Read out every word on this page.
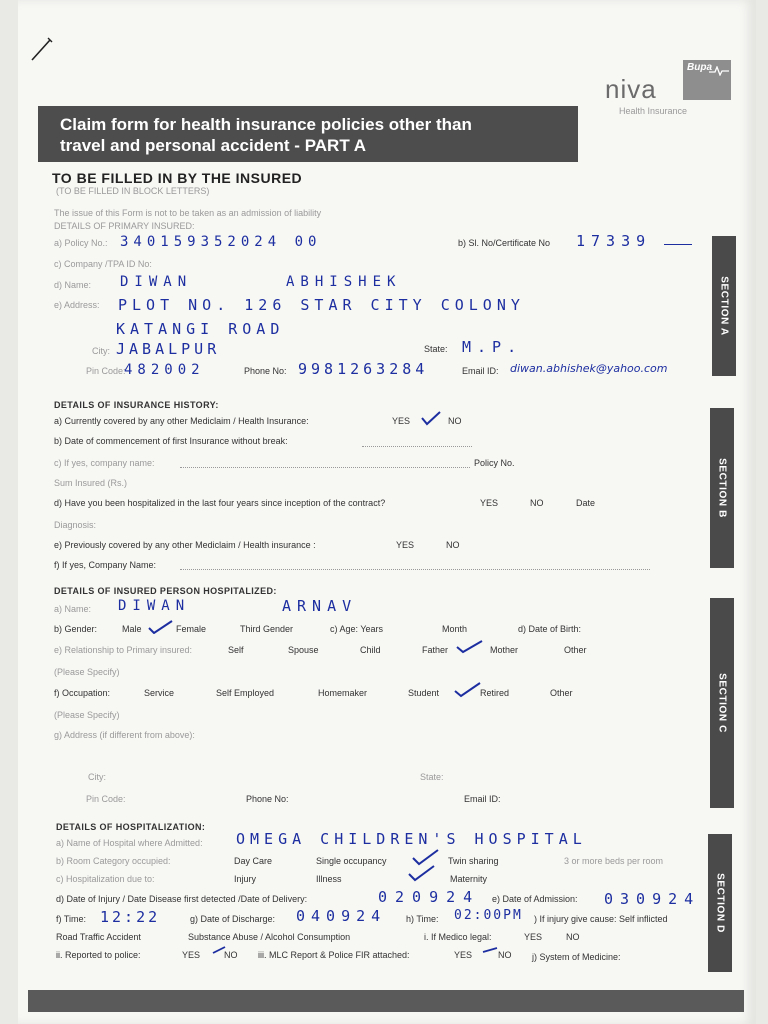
Bupa
niva
Health Insurance
Claim form for health insurance policies other than
travel and personal accident - PART A
TO BE FILLED IN BY THE INSURED
(TO BE FILLED IN BLOCK LETTERS)
The issue of this Form is not to be taken as an admission of liability
SECTION A
DETAILS OF PRIMARY INSURED:
a) Policy No.: 340159352024 00	b) Sl. No/Certificate No 17339
c) Company /TPA ID No:
d) Name: DIWAN	ABHISHEK
e) Address: PLOT NO. 126 STAR CITY COLONY
KATANGI ROAD
City: JABALPUR	State: M.P.
Pin Code:
482002	Phone No: 9981263284	Email ID: diwan.abhishek@yahoo.com
SECTION B
DETAILS OF INSURANCE HISTORY:
a) Currently covered by any other Mediclaim / Health Insurance:	YES	NO
b) Date of commencement of first Insurance without break:
c) If yes, company name:	Policy No.
Sum Insured (Rs.)
d) Have you been hospitalized in the last four years since inception of the contract?	YES	NO	Date
Diagnosis:
e) Previously covered by any other Mediclaim / Health insurance :	YES	NO
f) If yes, Company Name:
SECTION C
DETAILS OF INSURED PERSON HOSPITALIZED:
a) Name: DIWAN	ARNAV
b) Gender:	Male	Female	Third Gender	c) Age: Years	Month	d) Date of Birth:
e) Relationship to Primary insured:	Self	Spouse	Child	Father	Mother	Other
(Please Specify)
f) Occupation:	Service	Self Employed	Homemaker	Student	Retired	Other
(Please Specify)
g) Address (if different from above):
City:	State:
Pin Code:	Phone No:	Email ID:
SECTION D
DETAILS OF HOSPITALIZATION:
a) Name of Hospital where Admitted: OMEGA CHILDREN'S HOSPITAL
b) Room Category occupied:	Day Care	Single occupancy	Twin sharing	3 or more beds per room
c) Hospitalization due to:	Injury	Illness	Maternity
d) Date of Injury / Date Disease first detected /Date of Delivery:	020924 e) Date of Admission: 030924
f) Time: 12:22	g) Date of Discharge: 040924 h) Time: 02:00PM ) If injury give cause: Self inflicted
Road Traffic Accident	Substance Abuse / Alcohol Consumption	i. If Medico legal:	YES	NO
ii. Reported to police:	YES	NO iii. MLC Report & Police FIR attached:	YES	NO j) System of Medicine:
